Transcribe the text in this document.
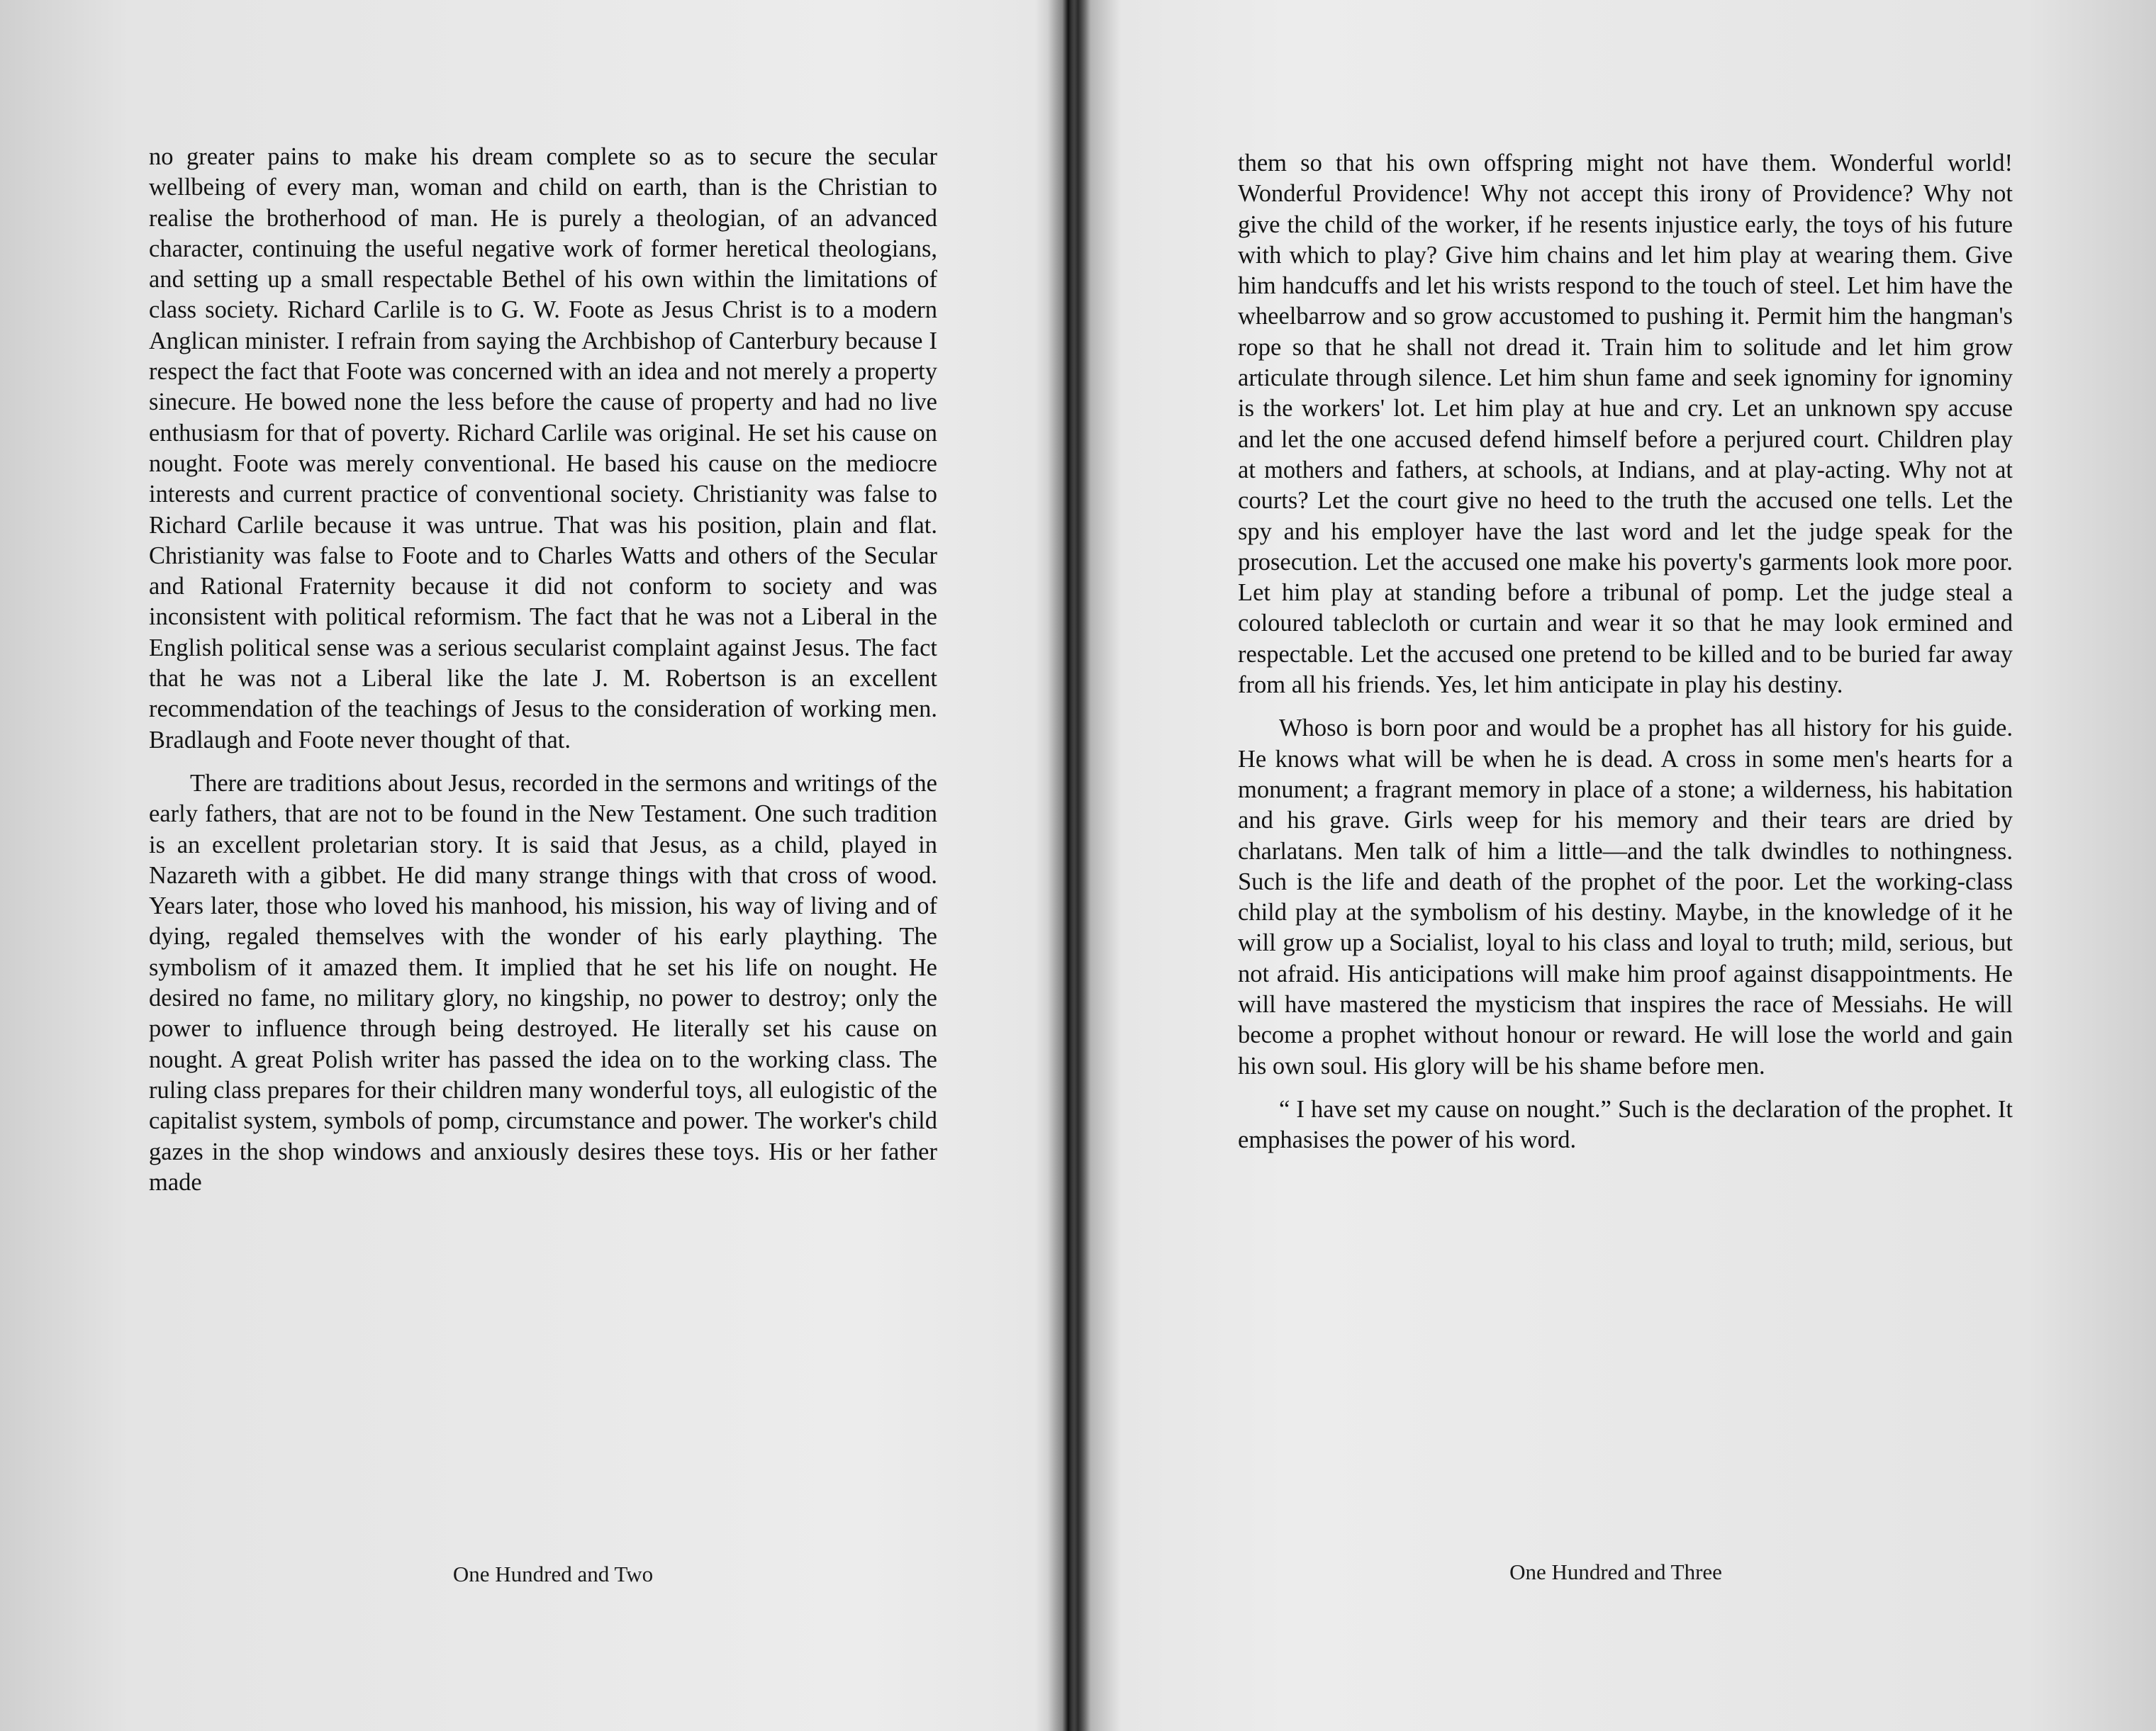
no greater pains to make his dream complete so as to secure the secular wellbeing of every man, woman and child on earth, than is the Christian to realise the brotherhood of man. He is purely a theologian, of an advanced character, continuing the useful negative work of former heretical theologians, and setting up a small respectable Bethel of his own within the limitations of class society. Richard Carlile is to G. W. Foote as Jesus Christ is to a modern Anglican minister. I refrain from saying the Archbishop of Canterbury because I respect the fact that Foote was concerned with an idea and not merely a property sinecure. He bowed none the less before the cause of property and had no live enthusiasm for that of poverty. Richard Carlile was original. He set his cause on nought. Foote was merely conventional. He based his cause on the mediocre interests and current practice of conventional society. Christianity was false to Richard Carlile because it was untrue. That was his position, plain and flat. Christianity was false to Foote and to Charles Watts and others of the Secular and Rational Fraternity because it did not conform to society and was inconsistent with political reformism. The fact that he was not a Liberal in the English political sense was a serious secularist complaint against Jesus. The fact that he was not a Liberal like the late J. M. Robertson is an excellent recommendation of the teachings of Jesus to the consideration of working men. Bradlaugh and Foote never thought of that.

There are traditions about Jesus, recorded in the sermons and writings of the early fathers, that are not to be found in the New Testament. One such tradition is an excellent proletarian story. It is said that Jesus, as a child, played in Nazareth with a gibbet. He did many strange things with that cross of wood. Years later, those who loved his manhood, his mission, his way of living and of dying, regaled themselves with the wonder of his early plaything. The symbolism of it amazed them. It implied that he set his life on nought. He desired no fame, no military glory, no kingship, no power to destroy; only the power to influence through being destroyed. He literally set his cause on nought. A great Polish writer has passed the idea on to the working class. The ruling class prepares for their children many wonderful toys, all eulogistic of the capitalist system, symbols of pomp, circumstance and power. The worker's child gazes in the shop windows and anxiously desires these toys. His or her father made

One Hundred and Two

them so that his own offspring might not have them. Wonderful world! Wonderful Providence! Why not accept this irony of Providence? Why not give the child of the worker, if he resents injustice early, the toys of his future with which to play? Give him chains and let him play at wearing them. Give him handcuffs and let his wrists respond to the touch of steel. Let him have the wheelbarrow and so grow accustomed to pushing it. Permit him the hangman's rope so that he shall not dread it. Train him to solitude and let him grow articulate through silence. Let him shun fame and seek ignominy for ignominy is the workers' lot. Let him play at hue and cry. Let an unknown spy accuse and let the one accused defend himself before a perjured court. Children play at mothers and fathers, at schools, at Indians, and at play-acting. Why not at courts? Let the court give no heed to the truth the accused one tells. Let the spy and his employer have the last word and let the judge speak for the prosecution. Let the accused one make his poverty's garments look more poor. Let him play at standing before a tribunal of pomp. Let the judge steal a coloured tablecloth or curtain and wear it so that he may look ermined and respectable. Let the accused one pretend to be killed and to be buried far away from all his friends. Yes, let him anticipate in play his destiny.

Whoso is born poor and would be a prophet has all history for his guide. He knows what will be when he is dead. A cross in some men's hearts for a monument; a fragrant memory in place of a stone; a wilderness, his habitation and his grave. Girls weep for his memory and their tears are dried by charlatans. Men talk of him a little—and the talk dwindles to nothingness. Such is the life and death of the prophet of the poor. Let the working-class child play at the symbolism of his destiny. Maybe, in the knowledge of it he will grow up a Socialist, loyal to his class and loyal to truth; mild, serious, but not afraid. His anticipations will make him proof against disappointments. He will have mastered the mysticism that inspires the race of Messiahs. He will become a prophet without honour or reward. He will lose the world and gain his own soul. His glory will be his shame before men.

“ I have set my cause on nought.” Such is the declaration of the prophet. It emphasises the power of his word.

One Hundred and Three
